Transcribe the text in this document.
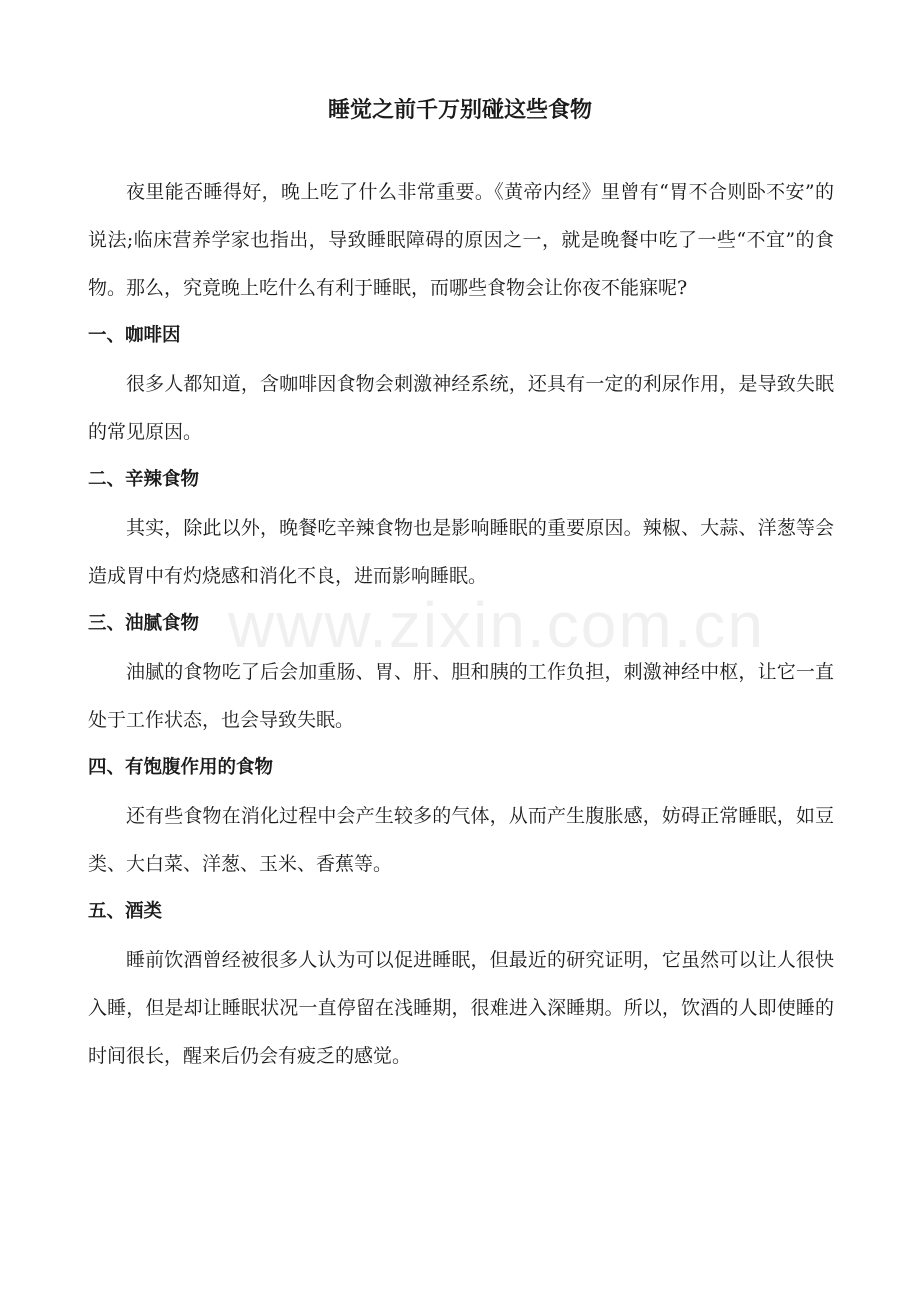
www.zixin.com.cn
睡觉之前千万别碰这些食物

夜里能否睡得好，晚上吃了什么非常重要。《黄帝内经》里曾有“胃不合则卧不安”的说法;临床营养学家也指出，导致睡眠障碍的原因之一，就是晚餐中吃了一些“不宜”的食物。那么，究竟晚上吃什么有利于睡眠，而哪些食物会让你夜不能寐呢?

一、咖啡因

很多人都知道，含咖啡因食物会刺激神经系统，还具有一定的利尿作用，是导致失眠的常见原因。

二、辛辣食物

其实，除此以外，晚餐吃辛辣食物也是影响睡眠的重要原因。辣椒、大蒜、洋葱等会造成胃中有灼烧感和消化不良，进而影响睡眠。

三、油腻食物

油腻的食物吃了后会加重肠、胃、肝、胆和胰的工作负担，刺激神经中枢，让它一直处于工作状态，也会导致失眠。

四、有饱腹作用的食物

还有些食物在消化过程中会产生较多的气体，从而产生腹胀感，妨碍正常睡眠，如豆类、大白菜、洋葱、玉米、香蕉等。

五、酒类

睡前饮酒曾经被很多人认为可以促进睡眠，但最近的研究证明，它虽然可以让人很快入睡，但是却让睡眠状况一直停留在浅睡期，很难进入深睡期。所以，饮酒的人即使睡的时间很长，醒来后仍会有疲乏的感觉。
